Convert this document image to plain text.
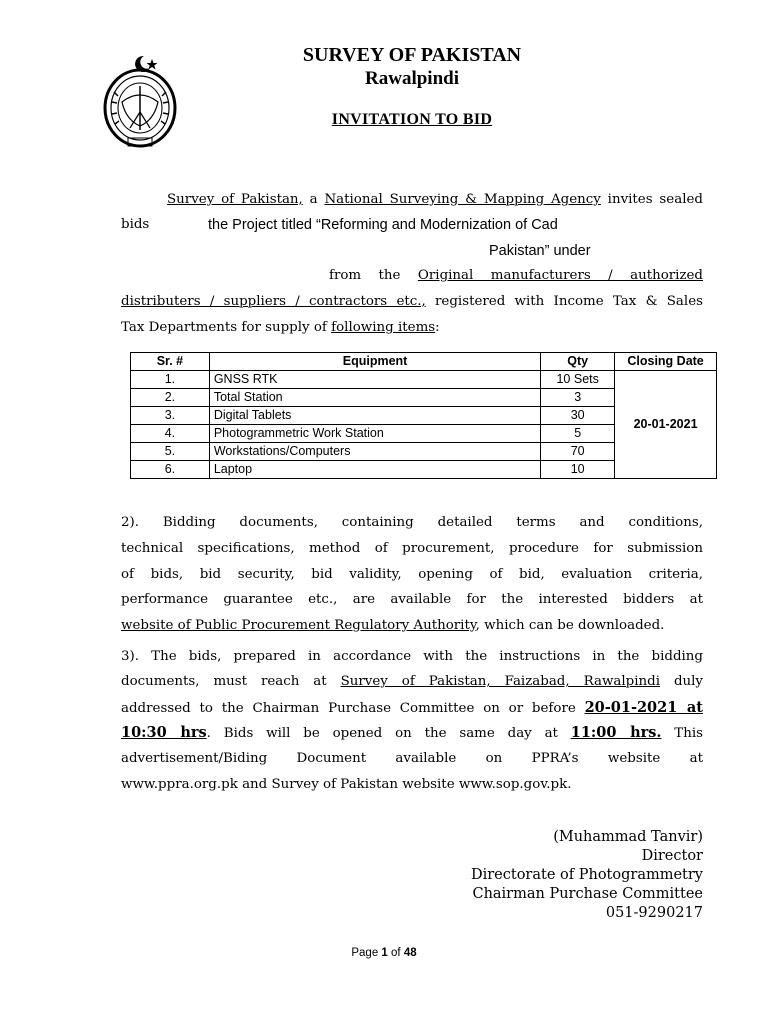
SURVEY OF PAKISTAN
Rawalpindi
INVITATION TO BID
Survey of Pakistan, a National Surveying & Mapping Agency invites sealed
bids	the Project titled “Reforming and Modernization of Cad
Pakistan” under
from the Original manufacturers / authorized
distributers / suppliers / contractors etc., registered with Income Tax & Sales
Tax Departments for supply of following items:
Sr. #	Equipment	Qty	Closing Date
1.	GNSS RTK	10 Sets	20-01-2021
2.	Total Station	3	
3.	Digital Tablets	30	
4.	Photogrammetric Work Station	5	
5.	Workstations/Computers	70	
6.	Laptop	10	
2). Bidding documents, containing detailed terms and conditions,
technical specifications, method of procurement, procedure for submission
of bids, bid security, bid validity, opening of bid, evaluation criteria,
performance guarantee etc., are available for the interested bidders at
website of Public Procurement Regulatory Authority, which can be downloaded.
3). The bids, prepared in accordance with the instructions in the bidding
documents, must reach at Survey of Pakistan, Faizabad, Rawalpindi duly
addressed to the Chairman Purchase Committee on or before 20-01-2021 at
10:30 hrs. Bids will be opened on the same day at 11:00 hrs. This
advertisement/Biding Document available on PPRA’s website at
www.ppra.org.pk and Survey of Pakistan website www.sop.gov.pk.
(Muhammad Tanvir)
Director
Directorate of Photogrammetry
Chairman Purchase Committee
051-9290217
Page 1 of 48
